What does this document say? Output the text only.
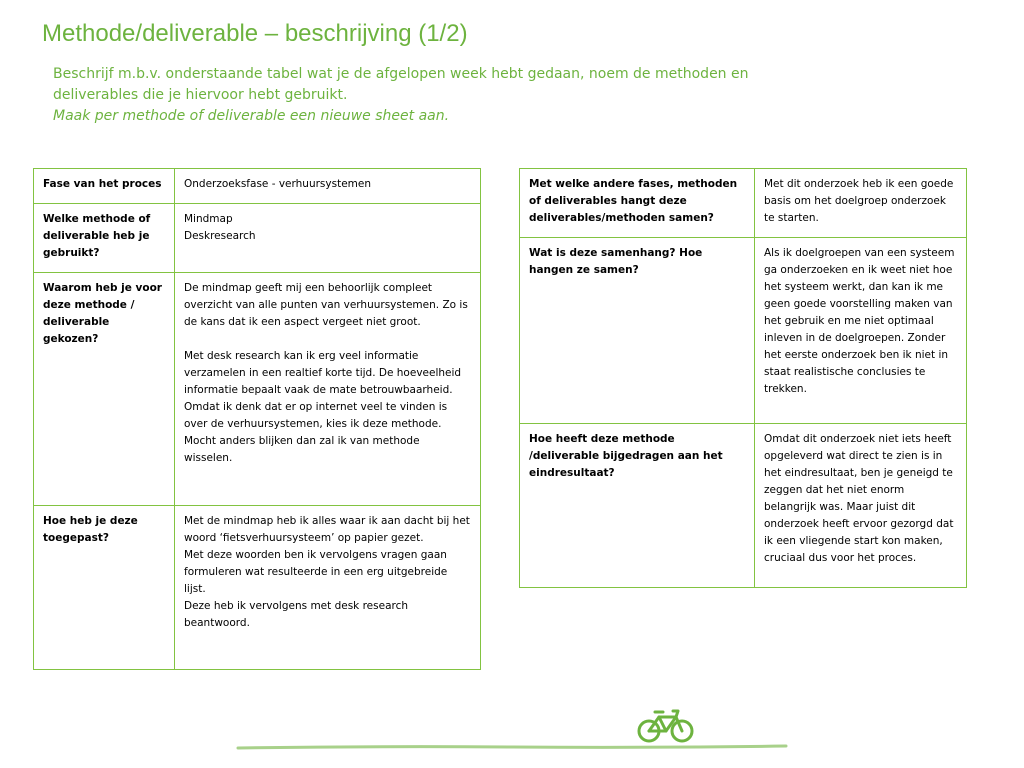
Methode/deliverable – beschrijving (1/2)

Beschrijf m.b.v. onderstaande tabel wat je de afgelopen week hebt gedaan, noem de methoden en deliverables die je hiervoor hebt gebruikt.
Maak per methode of deliverable een nieuwe sheet aan.

Fase van het proces	Onderzoeksfase - verhuursystemen
Welke methode of deliverable heb je gebruikt?	Mindmap
Deskresearch
Waarom heb je voor deze methode / deliverable gekozen?	De mindmap geeft mij een behoorlijk compleet overzicht van alle punten van verhuursystemen. Zo is de kans dat ik een aspect vergeet niet groot.

Met desk research kan ik erg veel informatie verzamelen in een realtief korte tijd. De hoeveelheid informatie bepaalt vaak de mate betrouwbaarheid.
Omdat ik denk dat er op internet veel te vinden is over de verhuursystemen, kies ik deze methode. Mocht anders blijken dan zal ik van methode wisselen.
Hoe heb je deze toegepast?	Met de mindmap heb ik alles waar ik aan dacht bij het woord ‘fietsverhuursysteem’ op papier gezet.
Met deze woorden ben ik vervolgens vragen gaan formuleren wat resulteerde in een erg uitgebreide lijst.
Deze heb ik vervolgens met desk research beantwoord.
Met welke andere fases, methoden of deliverables hangt deze deliverables/methoden samen?	Met dit onderzoek heb ik een goede basis om het doelgroep onderzoek te starten.
Wat is deze samenhang? Hoe hangen ze samen?	Als ik doelgroepen van een systeem ga onderzoeken en ik weet niet hoe het systeem werkt, dan kan ik me geen goede voorstelling maken van het gebruik en me niet optimaal inleven in de doelgroepen. Zonder het eerste onderzoek ben ik niet in staat realistische conclusies te trekken.
Hoe heeft deze methode /deliverable bijgedragen aan het eindresultaat?	Omdat dit onderzoek niet iets heeft opgeleverd wat direct te zien is in het eindresultaat, ben je geneigd te zeggen dat het niet enorm belangrijk was. Maar juist dit onderzoek heeft ervoor gezorgd dat ik een vliegende start kon maken, cruciaal dus voor het proces.
